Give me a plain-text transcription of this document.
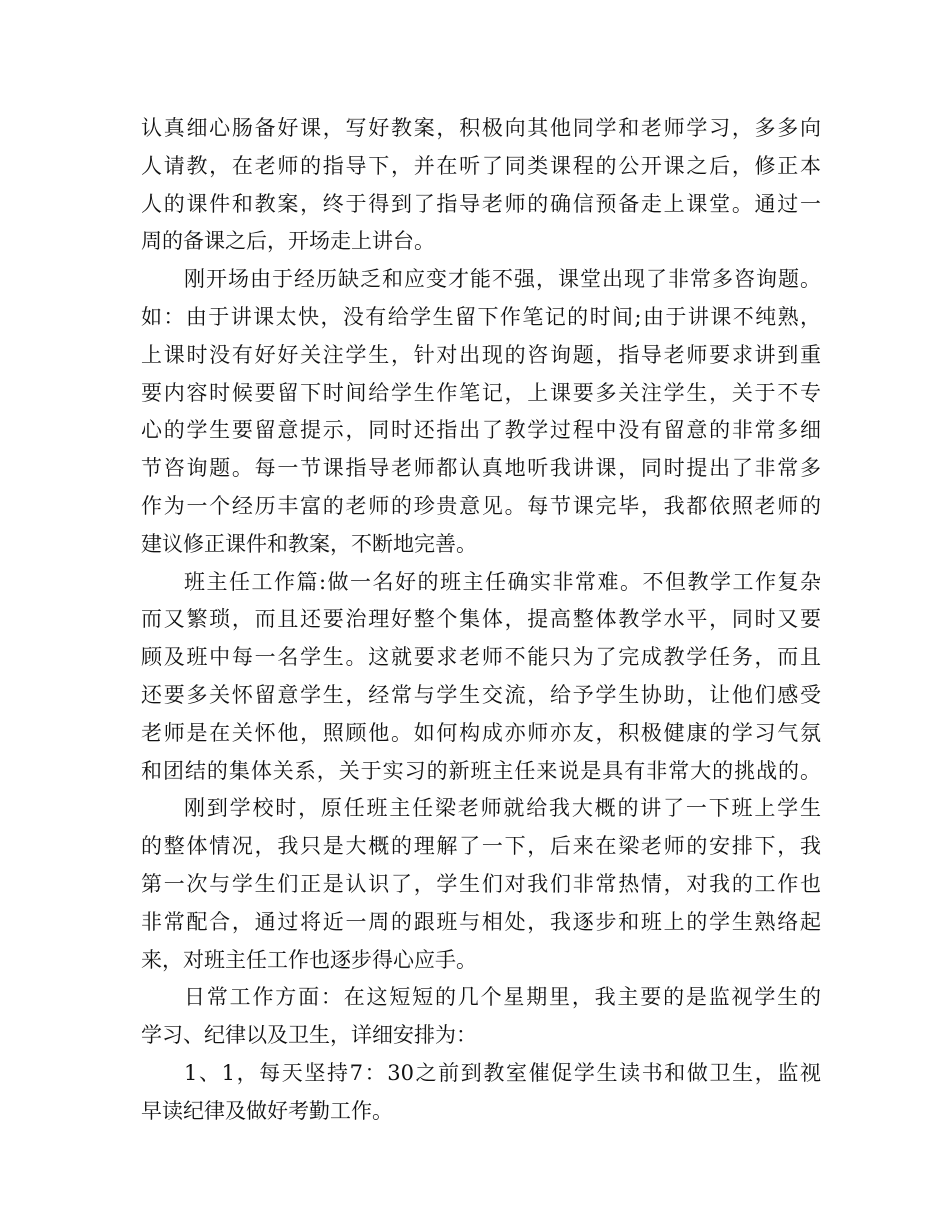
认真细心肠备好课，写好教案，积极向其他同学和老师学习，多多向
人请教，在老师的指导下，并在听了同类课程的公开课之后，修正本
人的课件和教案，终于得到了指导老师的确信预备走上课堂。通过一
周的备课之后，开场走上讲台。
刚开场由于经历缺乏和应变才能不强，课堂出现了非常多咨询题。
如：由于讲课太快，没有给学生留下作笔记的时间;由于讲课不纯熟，
上课时没有好好关注学生，针对出现的咨询题，指导老师要求讲到重
要内容时候要留下时间给学生作笔记，上课要多关注学生，关于不专
心的学生要留意提示，同时还指出了教学过程中没有留意的非常多细
节咨询题。每一节课指导老师都认真地听我讲课，同时提出了非常多
作为一个经历丰富的老师的珍贵意见。每节课完毕，我都依照老师的
建议修正课件和教案，不断地完善。
班主任工作篇:做一名好的班主任确实非常难。不但教学工作复杂
而又繁琐，而且还要治理好整个集体，提高整体教学水平，同时又要
顾及班中每一名学生。这就要求老师不能只为了完成教学任务，而且
还要多关怀留意学生，经常与学生交流，给予学生协助，让他们感受
老师是在关怀他，照顾他。如何构成亦师亦友，积极健康的学习气氛
和团结的集体关系，关于实习的新班主任来说是具有非常大的挑战的。
刚到学校时，原任班主任梁老师就给我大概的讲了一下班上学生
的整体情况，我只是大概的理解了一下，后来在梁老师的安排下，我
第一次与学生们正是认识了，学生们对我们非常热情，对我的工作也
非常配合，通过将近一周的跟班与相处，我逐步和班上的学生熟络起
来，对班主任工作也逐步得心应手。
日常工作方面：在这短短的几个星期里，我主要的是监视学生的
学习、纪律以及卫生，详细安排为：
1、1，每天坚持7：30之前到教室催促学生读书和做卫生，监视
早读纪律及做好考勤工作。
